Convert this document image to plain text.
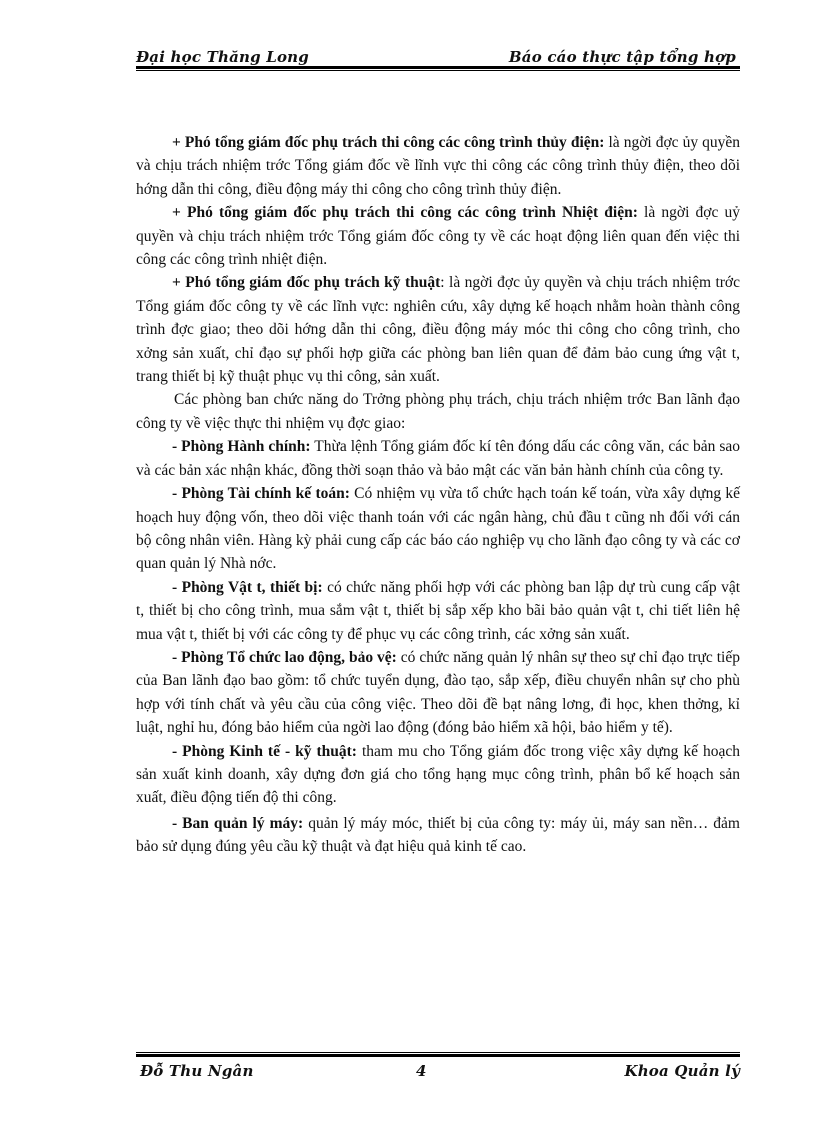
Đại học Thăng Long	Báo cáo thực tập tổng hợp

+ Phó tổng giám đốc phụ trách thi công các công trình thủy điện: là ngời đợc ủy quyền và chịu trách nhiệm trớc Tổng giám đốc về lĩnh vực thi công các công trình thủy điện, theo dõi hớng dẫn thi công, điều động máy thi công cho công trình thủy điện.

+ Phó tổng giám đốc phụ trách thi công các công trình Nhiệt điện: là ngời đợc uỷ quyền và chịu trách nhiệm trớc Tổng giám đốc công ty về các hoạt động liên quan đến việc thi công các công trình nhiệt điện.

+ Phó tổng giám đốc phụ trách kỹ thuật: là ngời đợc ủy quyền và chịu trách nhiệm trớc Tổng giám đốc công ty về các lĩnh vực: nghiên cứu, xây dựng kế hoạch nhằm hoàn thành công trình đợc giao; theo dõi hớng dẫn thi công, điều động máy móc thi công cho công trình, cho xởng sản xuất, chỉ đạo sự phối hợp giữa các phòng ban liên quan để đảm bảo cung ứng vật t, trang thiết bị kỹ thuật phục vụ thi công, sản xuất.

Các phòng ban chức năng do Trởng phòng phụ trách, chịu trách nhiệm trớc Ban lãnh đạo công ty về việc thực thi nhiệm vụ đợc giao:

- Phòng Hành chính: Thừa lệnh Tổng giám đốc kí tên đóng dấu các công văn, các bản sao và các bản xác nhận khác, đồng thời soạn thảo và bảo mật các văn bản hành chính của công ty.

- Phòng Tài chính kế toán: Có nhiệm vụ vừa tổ chức hạch toán kế toán, vừa xây dựng kế hoạch huy động vốn, theo dõi việc thanh toán với các ngân hàng, chủ đầu t cũng nh đối với cán bộ công nhân viên. Hàng kỳ phải cung cấp các báo cáo nghiệp vụ cho lãnh đạo công ty và các cơ quan quản lý Nhà nớc.

- Phòng Vật t, thiết bị: có chức năng phối hợp với các phòng ban lập dự trù cung cấp vật t, thiết bị cho công trình, mua sắm vật t, thiết bị sắp xếp kho bãi bảo quản vật t, chi tiết liên hệ mua vật t, thiết bị với các công ty để phục vụ các công trình, các xởng sản xuất.

- Phòng Tổ chức lao động, bảo vệ: có chức năng quản lý nhân sự theo sự chỉ đạo trực tiếp của Ban lãnh đạo bao gồm: tổ chức tuyển dụng, đào tạo, sắp xếp, điều chuyển nhân sự cho phù hợp với tính chất và yêu cầu của công việc. Theo dõi đề bạt nâng lơng, đi học, khen thởng, kỉ luật, nghỉ hu, đóng bảo hiểm của ngời lao động (đóng bảo hiểm xã hội, bảo hiểm y tế).

- Phòng Kinh tế - kỹ thuật: tham mu cho Tổng giám đốc trong việc xây dựng kế hoạch sản xuất kinh doanh, xây dựng đơn giá cho tổng hạng mục công trình, phân bổ kế hoạch sản xuất, điều động tiến độ thi công.

- Ban quản lý máy: quản lý máy móc, thiết bị của công ty: máy ủi, máy san nền… đảm bảo sử dụng đúng yêu cầu kỹ thuật và đạt hiệu quả kinh tế cao.

Đỗ Thu Ngân	4	Khoa Quản lý
